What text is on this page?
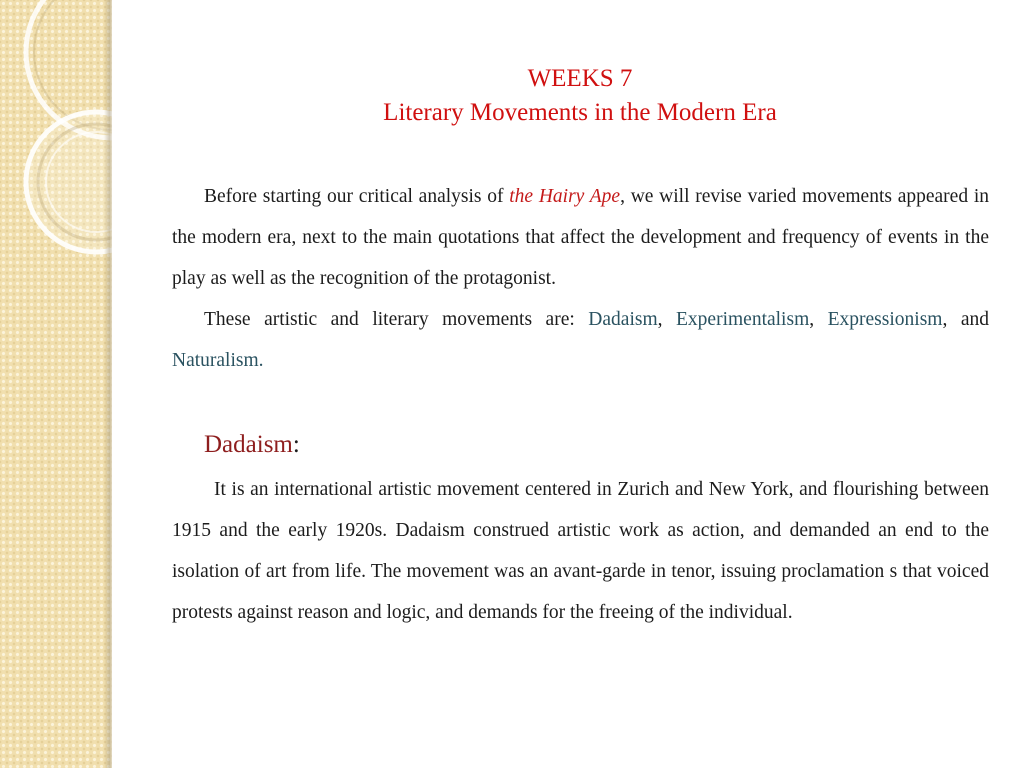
WEEKS 7
Literary Movements in the Modern Era

Before starting our critical analysis of the Hairy Ape, we will revise varied movements appeared in the modern era, next to the main quotations that affect the development and frequency of events in the play as well as the recognition of the protagonist.

These artistic and literary movements are: Dadaism, Experimentalism, Expressionism, and Naturalism.

Dadaism:

It is an international artistic movement centered in Zurich and New York, and flourishing between 1915 and the early 1920s. Dadaism construed artistic work as action, and demanded an end to the isolation of art from life. The movement was an avant-garde in tenor, issuing proclamation s that voiced protests against reason and logic, and demands for the freeing of the individual.
